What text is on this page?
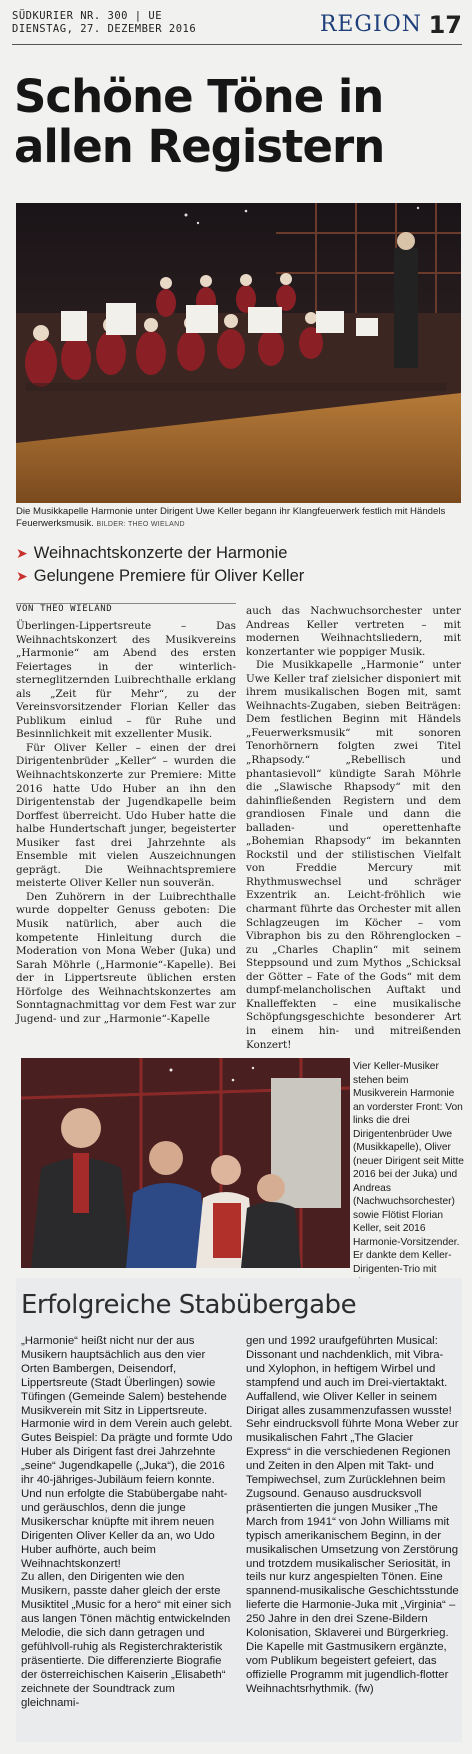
SÜDKURIER NR. 300 | UE
DIENSTAG, 27. DEZEMBER 2016	REGION 17
Schöne Töne in
allen Registern
Die Musikkapelle Harmonie unter Dirigent Uwe Keller begann ihr Klangfeuerwerk festlich mit Händels Feuerwerksmusik. BILDER: THEO WIELAND
➤ Weihnachtskonzerte der Harmonie
➤ Gelungene Premiere für Oliver Keller
VON THEO WIELAND

Überlingen-Lippertsreute – Das Weihnachtskonzert des Musikvereins „Harmonie“ am Abend des ersten Feiertages in der winterlich-sterneglitzernden Luibrechthalle erklang als „Zeit für Mehr“, zu der Vereinsvorsitzender Florian Keller das Publikum einlud – für Ruhe und Besinnlichkeit mit exzellenter Musik.

Für Oliver Keller – einen der drei Dirigentenbrüder „Keller“ – wurden die Weihnachtskonzerte zur Premiere: Mitte 2016 hatte Udo Huber an ihn den Dirigentenstab der Jugendkapelle beim Dorffest überreicht. Udo Huber hatte die halbe Hundertschaft junger, begeisterter Musiker fast drei Jahrzehnte als Ensemble mit vielen Auszeichnungen geprägt. Die Weihnachtspremiere meisterte Oliver Keller nun souverän.

Den Zuhörern in der Luibrechthalle wurde doppelter Genuss geboten: Die Musik natürlich, aber auch die kompetente Hinleitung durch die Moderation von Mona Weber (Juka) und Sarah Möhrle („Harmonie“-Kapelle). Bei der in Lippertsreute üblichen ersten Hörfolge des Weihnachtskonzertes am Sonntagnachmittag vor dem Fest war zur Jugend- und zur „Harmonie“-Kapelle

auch das Nachwuchsorchester unter Andreas Keller vertreten – mit modernen Weihnachtsliedern, mit konzertanter wie poppiger Musik.

Die Musikkapelle „Harmonie“ unter Uwe Keller traf zielsicher disponiert mit ihrem musikalischen Bogen mit, samt Weihnachts-Zugaben, sieben Beiträgen: Dem festlichen Beginn mit Händels „Feuerwerksmusik“ mit sonoren Tenorhörnern folgten zwei Titel „Rhapsody.“ „Rebellisch und phantasievoll“ kündigte Sarah Möhrle die „Slawische Rhapsody“ mit den dahinfließenden Registern und dem grandiosen Finale und dann die balladen- und operettenhafte „Bohemian Rhapsody“ im bekannten Rockstil und der stilistischen Vielfalt von Freddie Mercury mit Rhythmuswechsel und schräger Exzentrik an. Leicht-fröhlich wie charmant führte das Orchester mit allen Schlagzeugen im Köcher – vom Vibraphon bis zu den Röhrenglocken – zu „Charles Chaplin“ mit seinem Steppsound und zum Mythos „Schicksal der Götter – Fate of the Gods“ mit dem dumpf-melancholischen Auftakt und Knalleffekten – eine musikalische Schöpfungsgeschichte besonderer Art in einem hin- und mitreißenden Konzert!

Vier Keller-Musiker stehen beim Musikverein Harmonie an vorderster Front: Von links die drei Dirigentenbrüder Uwe (Musikkapelle), Oliver (neuer Dirigent seit Mitte 2016 bei der Juka) und Andreas (Nachwuchsorchester) sowie Flötist Florian Keller, seit 2016 Harmonie-Vorsitzender. Er dankte dem Keller-Dirigenten-Trio mit
Erfolgreiche Stabübergabe

„Harmonie“ heißt nicht nur der aus Musikern hauptsächlich aus den vier Orten Bambergen, Deisendorf, Lippertsreute (Stadt Überlingen) sowie Tüfingen (Gemeinde Salem) bestehende Musikverein mit Sitz in Lippertsreute. Harmonie wird in dem Verein auch gelebt. Gutes Beispiel: Da prägte und formte Udo Huber als Dirigent fast drei Jahrzehnte „seine“ Jugendkapelle („Juka“), die 2016 ihr 40-jähriges-Jubiläum feiern konnte. Und nun erfolgte die Stabübergabe naht- und geräuschlos, denn die junge Musikerschar knüpfte mit ihrem neuen Dirigenten Oliver Keller da an, wo Udo Huber aufhörte, auch beim Weihnachtskonzert!

Zu allen, den Dirigenten wie den Musikern, passte daher gleich der erste Musiktitel „Music for a hero“ mit einer sich aus langen Tönen mächtig entwickelnden Melodie, die sich dann getragen und gefühlvoll-ruhig als Registerchrakteristik präsentierte. Die differenzierte Biografie der österreichischen Kaiserin „Elisabeth“ zeichnete der Soundtrack zum gleichnami-

gen und 1992 uraufgeführten Musical: Dissonant und nachdenklich, mit Vibra- und Xylophon, in heftigem Wirbel und stampfend und auch im Drei-viertaktakt. Auffallend, wie Oliver Keller in seinem Dirigat alles zusammenzufassen wusste! Sehr eindrucksvoll führte Mona Weber zur musikalischen Fahrt „The Glacier Express“ in die verschiedenen Regionen und Zeiten in den Alpen mit Takt- und Tempiwechsel, zum Zurücklehnen beim Zugsound. Genauso ausdrucksvoll präsentierten die jungen Musiker „The March from 1941“ von John Williams mit typisch amerikanischem Beginn, in der musikalischen Umsetzung von Zerstörung und trotzdem musikalischer Seriosität, in teils nur kurz angespielten Tönen. Eine spannend-musikalische Geschichtsstunde lieferte die Harmonie-Juka mit „Virginia“ – 250 Jahre in den drei Szene-Bildern Kolonisation, Sklaverei und Bürgerkrieg.

Die Kapelle mit Gastmusikern ergänzte, vom Publikum begeistert gefeiert, das offizielle Programm mit jugendlich-flotter Weihnachtsrhythmik. (fw)
